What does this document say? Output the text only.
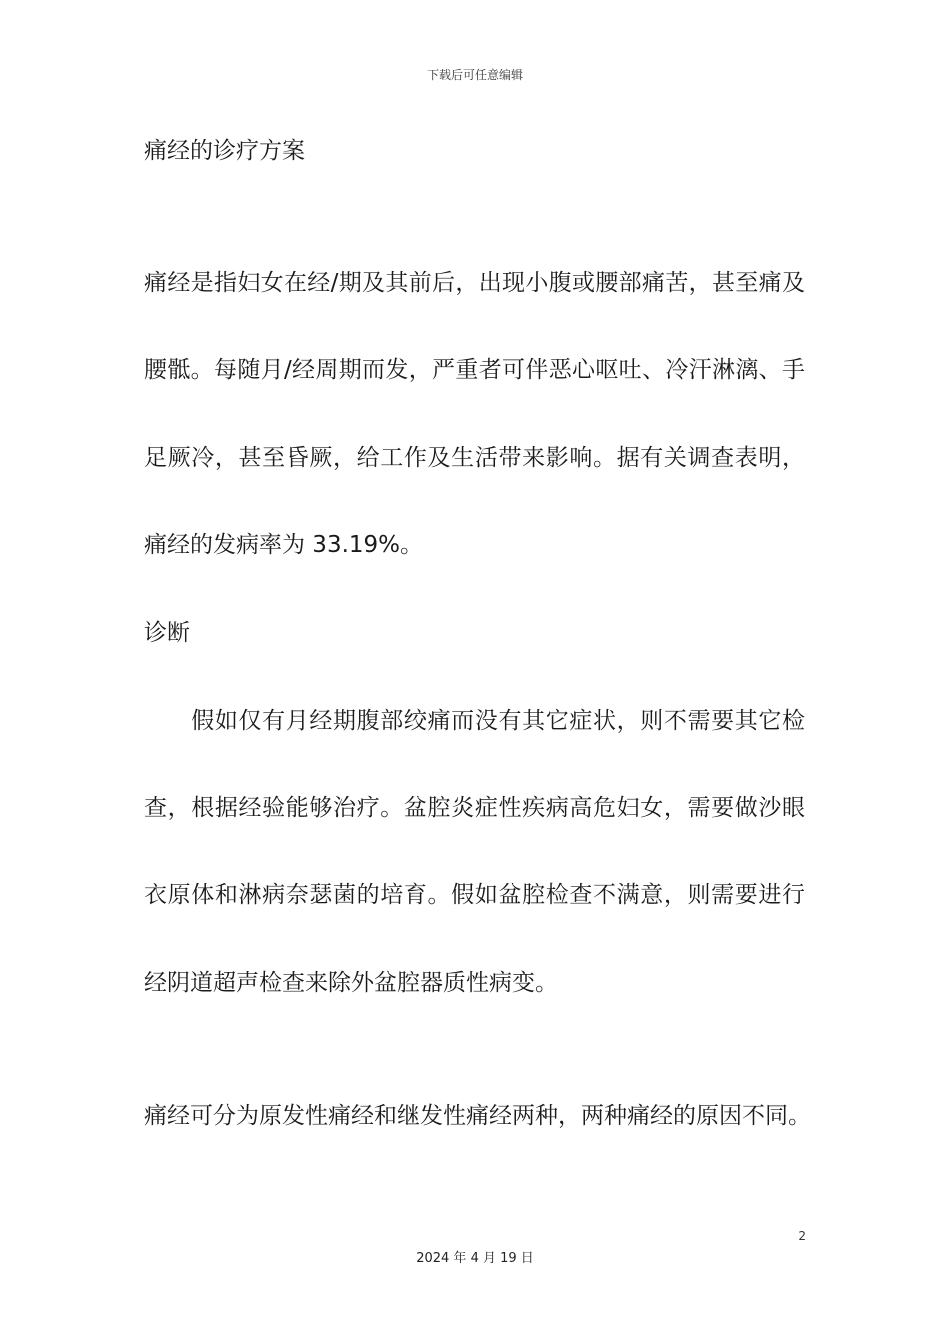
下载后可任意编辑
痛经的诊疗方案
痛经是指妇女在经/期及其前后，出现小腹或腰部痛苦，甚至痛及
腰骶。每随月/经周期而发，严重者可伴恶心呕吐、冷汗淋漓、手
足厥冷，甚至昏厥，给工作及生活带来影响。据有关调查表明，
痛经的发病率为 33.19%。
诊断
　　假如仅有月经期腹部绞痛而没有其它症状，则不需要其它检
查，根据经验能够治疗。盆腔炎症性疾病高危妇女，需要做沙眼
衣原体和淋病奈瑟菌的培育。假如盆腔检查不满意，则需要进行
经阴道超声检查来除外盆腔器质性病变。
痛经可分为原发性痛经和继发性痛经两种，两种痛经的原因不同。
2
2024 年 4 月 19 日
